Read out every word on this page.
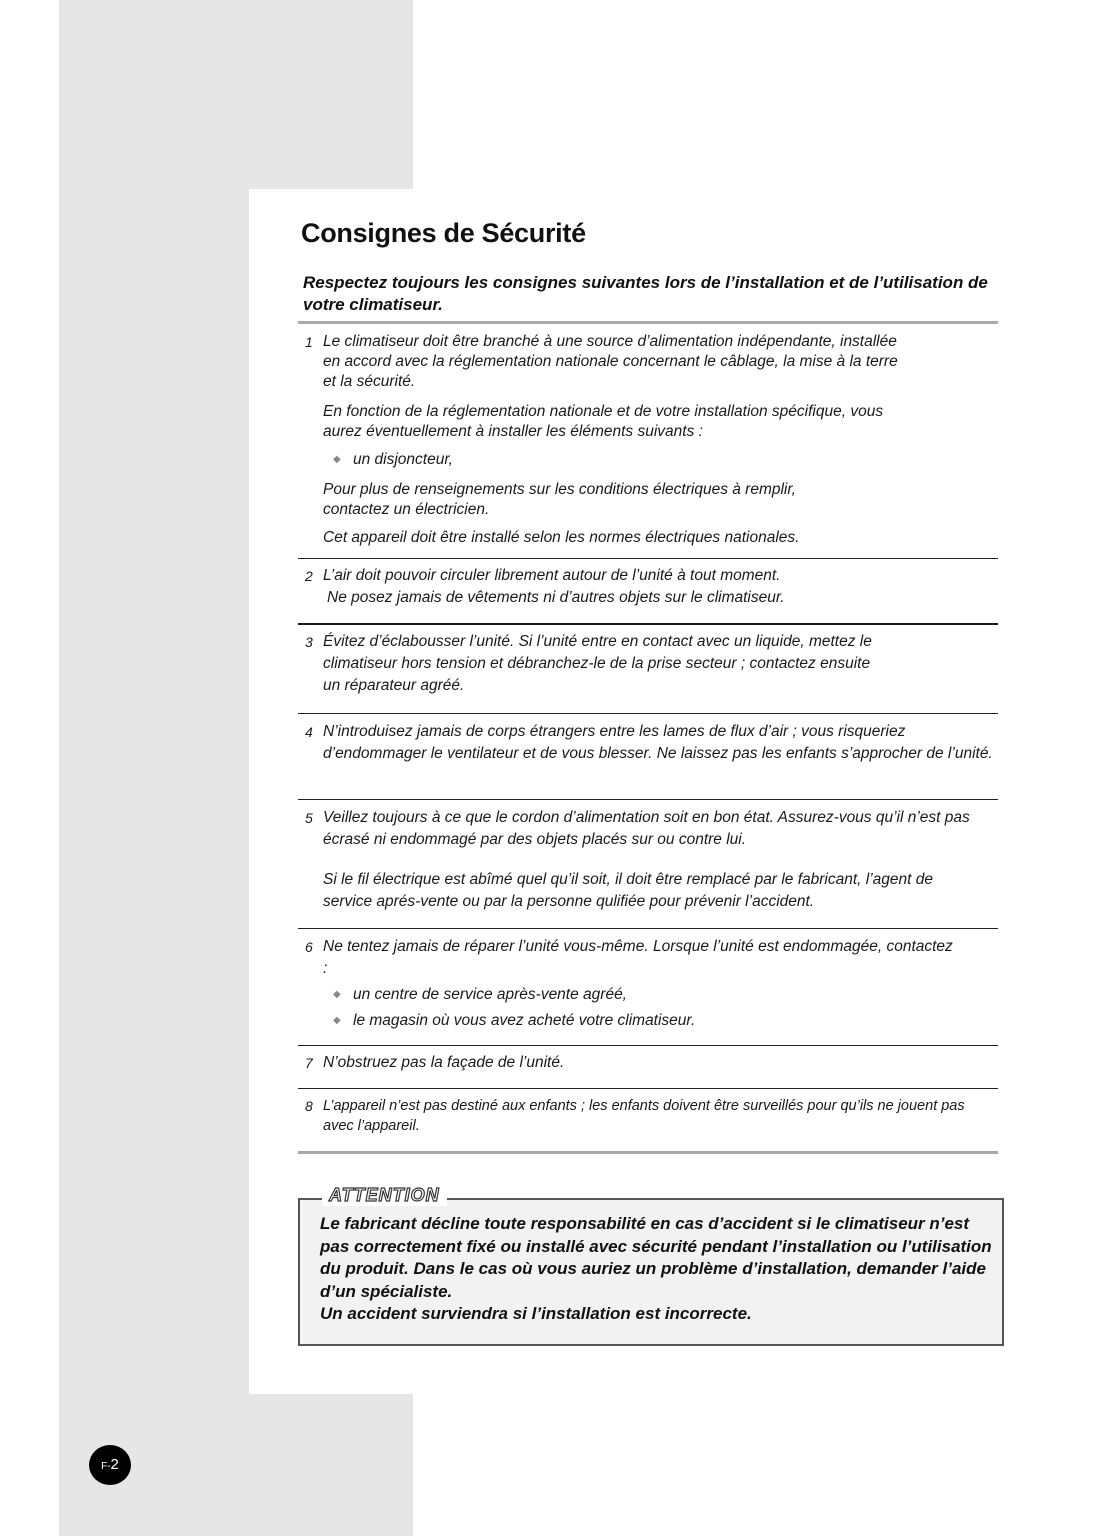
Consignes de Sécurité

Respectez toujours les consignes suivantes lors de l’installation et de l’utilisation de votre climatiseur.

1 Le climatiseur doit être branché à une source d’alimentation indépendante, installée en accord avec la réglementation nationale concernant le câblage, la mise à la terre et la sécurité.

En fonction de la réglementation nationale et de votre installation spécifique, vous aurez éventuellement à installer les éléments suivants :

◆ un disjoncteur,

Pour plus de renseignements sur les conditions électriques à remplir, contactez un électricien.

Cet appareil doit être installé selon les normes électriques nationales.

2 L’air doit pouvoir circuler librement autour de l’unité à tout moment.

Ne posez jamais de vêtements ni d’autres objets sur le climatiseur.

3 Évitez d’éclabousser l’unité. Si l’unité entre en contact avec un liquide, mettez le climatiseur hors tension et débranchez-le de la prise secteur ; contactez ensuite un réparateur agréé.

4 N’introduisez jamais de corps étrangers entre les lames de flux d’air ; vous risqueriez d’endommager le ventilateur et de vous blesser. Ne laissez pas les enfants s’approcher de l’unité.

5 Veillez toujours à ce que le cordon d’alimentation soit en bon état. Assurez-vous qu’il n’est pas écrasé ni endommagé par des objets placés sur ou contre lui.

Si le fil électrique est abîmé quel qu’il soit, il doit être remplacé par le fabricant, l’agent de service aprés-vente ou par la personne qulifiée pour prévenir l’accident.

6 Ne tentez jamais de réparer l’unité vous-même. Lorsque l’unité est endommagée, contactez :

◆ un centre de service après-vente agréé,
◆ le magasin où vous avez acheté votre climatiseur.
7 N’obstruez pas la façade de l’unité.

8 L’appareil n’est pas destiné aux enfants ; les enfants doivent être surveillés pour qu’ils ne jouent pas avec l’appareil.

ATTENTION

Le fabricant décline toute responsabilité en cas d’accident si le climatiseur n’est pas correctement fixé ou installé avec sécurité pendant l’installation ou l’utilisation du produit. Dans le cas où vous auriez un problème d’installation, demander l’aide d’un spécialiste.

Un accident surviendra si l’installation est incorrecte.

F-2
